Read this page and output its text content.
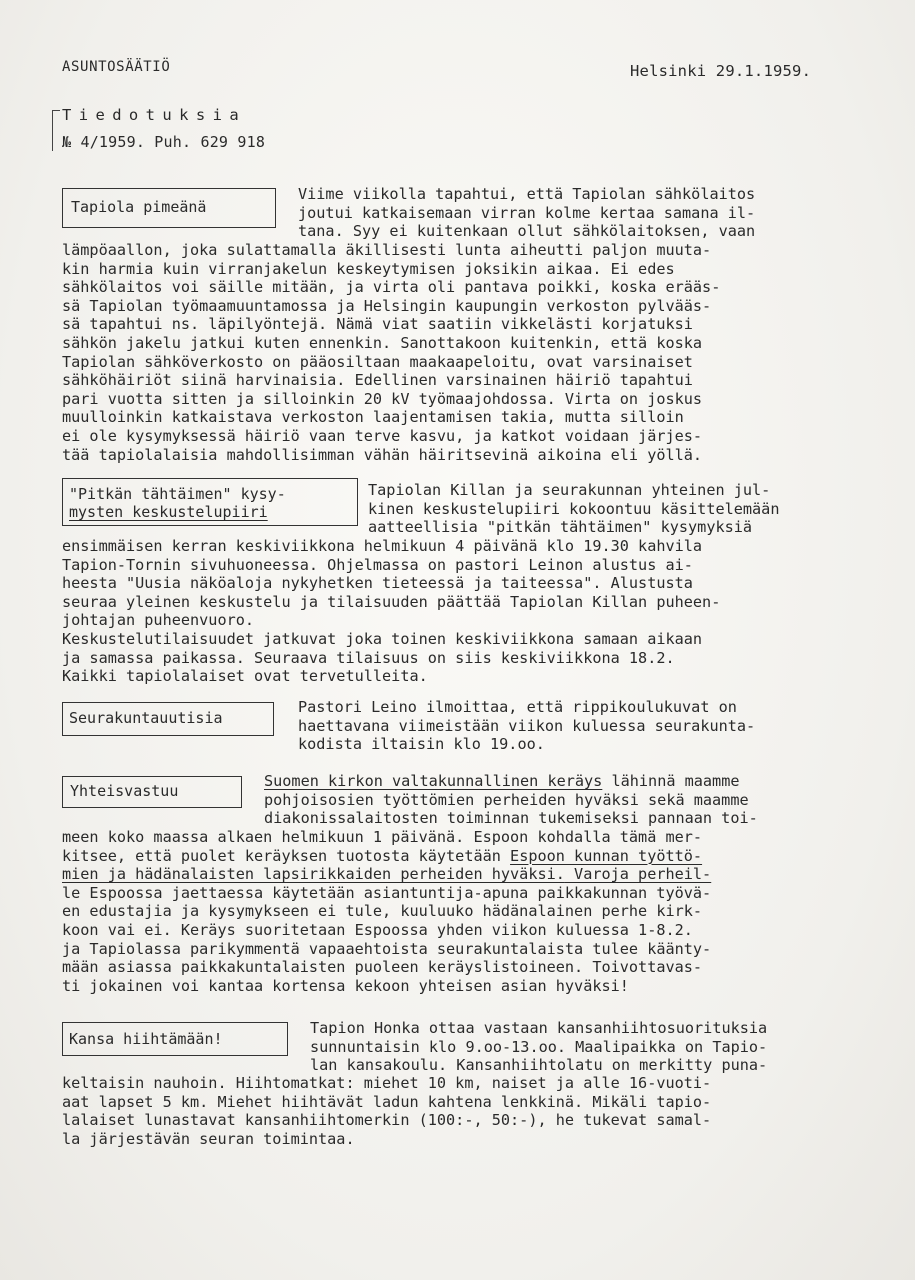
ASUNTOSÄÄTIÖ	Helsinki 29.1.1959.
Tiedotuksia
№ 4/1959. Puh. 629 918
Tapiola pimeänä
Viime viikolla tapahtui, että Tapiolan sähkölaitos
joutui katkaisemaan virran kolme kertaa samana il-
tana. Syy ei kuitenkaan ollut sähkölaitoksen, vaan
lämpöaallon, joka sulattamalla äkillisesti lunta aiheutti paljon muuta-
kin harmia kuin virranjakelun keskeytymisen joksikin aikaa. Ei edes
sähkölaitos voi säille mitään, ja virta oli pantava poikki, koska erääs-
sä Tapiolan työmaamuuntamossa ja Helsingin kaupungin verkoston pylvääs-
sä tapahtui ns. läpilyöntejä. Nämä viat saatiin vikkelästi korjatuksi
sähkön jakelu jatkui kuten ennenkin. Sanottakoon kuitenkin, että koska
Tapiolan sähköverkosto on pääosiltaan maakaapeloitu, ovat varsinaiset
sähköhäiriöt siinä harvinaisia. Edellinen varsinainen häiriö tapahtui
pari vuotta sitten ja silloinkin 20 kV työmaajohdossa. Virta on joskus
muulloinkin katkaistava verkoston laajentamisen takia, mutta silloin
ei ole kysymyksessä häiriö vaan terve kasvu, ja katkot voidaan järjes-
tää tapiolalaisia mahdollisimman vähän häiritsevinä aikoina eli yöllä.
"Pitkän tähtäimen" kysy-
mysten keskustelupiiri
Tapiolan Killan ja seurakunnan yhteinen jul-
kinen keskustelupiiri kokoontuu käsittelemään
aatteellisia "pitkän tähtäimen" kysymyksiä
ensimmäisen kerran keskiviikkona helmikuun 4 päivänä klo 19.30 kahvila
Tapion-Tornin sivuhuoneessa. Ohjelmassa on pastori Leinon alustus ai-
heesta "Uusia näköaloja nykyhetken tieteessä ja taiteessa". Alustusta
seuraa yleinen keskustelu ja tilaisuuden päättää Tapiolan Killan puheen-
johtajan puheenvuoro.
Keskustelutilaisuudet jatkuvat joka toinen keskiviikkona samaan aikaan
ja samassa paikassa. Seuraava tilaisuus on siis keskiviikkona 18.2.
Kaikki tapiolalaiset ovat tervetulleita.
Seurakuntauutisia
Pastori Leino ilmoittaa, että rippikoulukuvat on
haettavana viimeistään viikon kuluessa seurakunta-
kodista iltaisin klo 19.oo.
Yhteisvastuu
Suomen kirkon valtakunnallinen keräys lähinnä maamme
pohjoisosien työttömien perheiden hyväksi sekä maamme
diakonissalaitosten toiminnan tukemiseksi pannaan toi-
meen koko maassa alkaen helmikuun 1 päivänä. Espoon kohdalla tämä mer-
kitsee, että puolet keräyksen tuotosta käytetään Espoon kunnan työttö-
mien ja hädänalaisten lapsirikkaiden perheiden hyväksi. Varoja perheil-
le Espoossa jaettaessa käytetään asiantuntija-apuna paikkakunnan työvä-
en edustajia ja kysymykseen ei tule, kuuluuko hädänalainen perhe kirk-
koon vai ei. Keräys suoritetaan Espoossa yhden viikon kuluessa 1-8.2.
ja Tapiolassa parikymmentä vapaaehtoista seurakuntalaista tulee käänty-
mään asiassa paikkakuntalaisten puoleen keräyslistoineen. Toivottavas-
ti jokainen voi kantaa kortensa kekoon yhteisen asian hyväksi!
Kansa hiihtämään!
Tapion Honka ottaa vastaan kansanhiihtosuorituksia
sunnuntaisin klo 9.oo-13.oo. Maalipaikka on Tapio-
lan kansakoulu. Kansanhiihtolatu on merkitty puna-
keltaisin nauhoin. Hiihtomatkat: miehet 10 km, naiset ja alle 16-vuoti-
aat lapset 5 km. Miehet hiihtävät ladun kahtena lenkkinä. Mikäli tapio-
lalaiset lunastavat kansanhiihtomerkin (100:-, 50:-), he tukevat samal-
la järjestävän seuran toimintaa.
